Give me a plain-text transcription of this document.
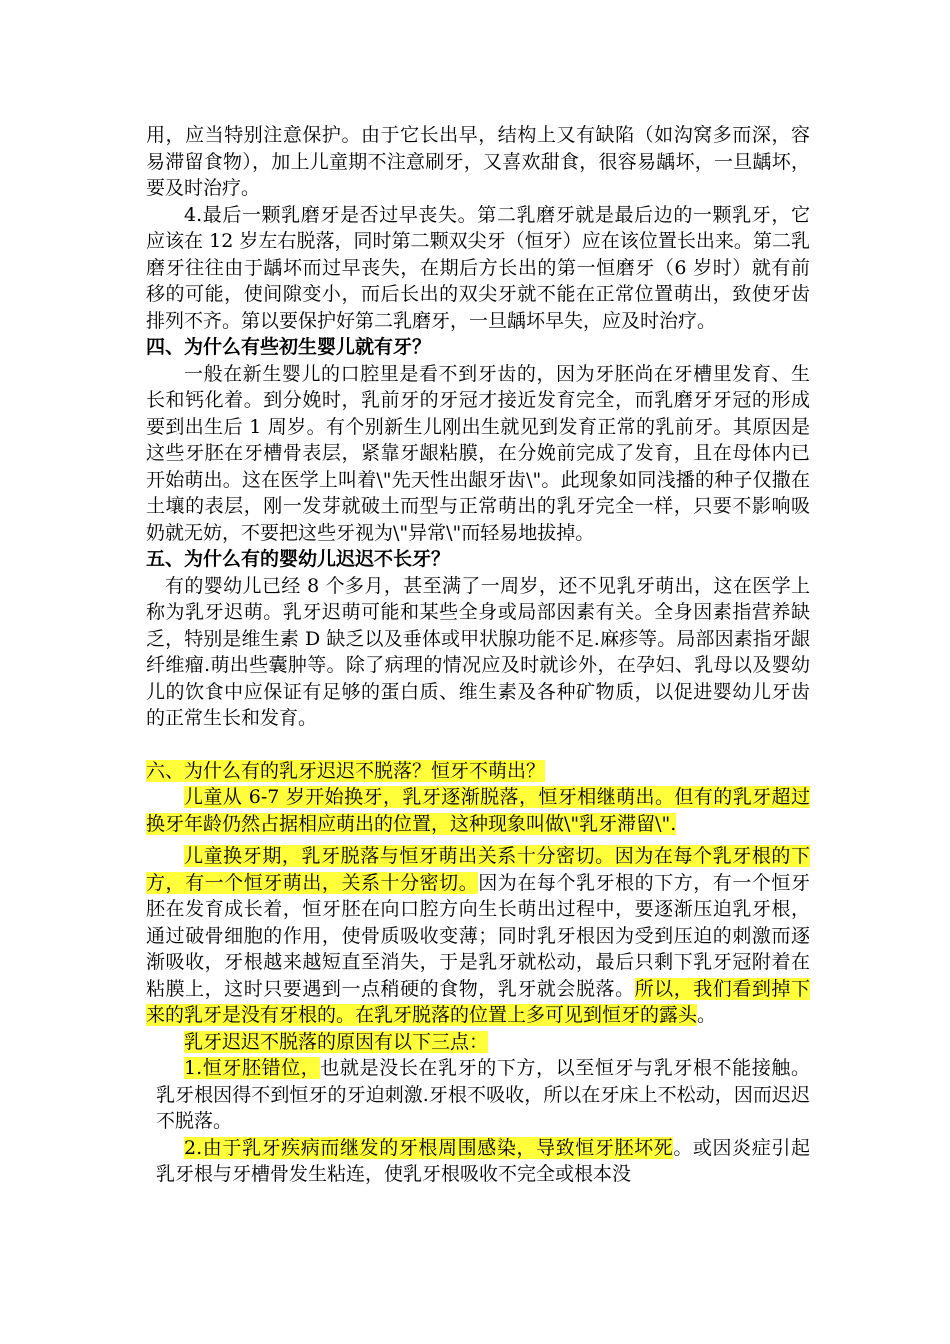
用，应当特别注意保护。由于它长出早，结构上又有缺陷（如沟窝多而深，容易滞留食物），加上儿童期不注意刷牙，又喜欢甜食，很容易龋坏，一旦龋坏，要及时治疗。

4.最后一颗乳磨牙是否过早丧失。第二乳磨牙就是最后边的一颗乳牙，它应该在 12 岁左右脱落，同时第二颗双尖牙（恒牙）应在该位置长出来。第二乳磨牙往往由于龋坏而过早丧失，在期后方长出的第一恒磨牙（6 岁时）就有前移的可能，使间隙变小，而后长出的双尖牙就不能在正常位置萌出，致使牙齿排列不齐。第以要保护好第二乳磨牙，一旦龋坏早失，应及时治疗。

四、为什么有些初生婴儿就有牙？

一般在新生婴儿的口腔里是看不到牙齿的，因为牙胚尚在牙槽里发育、生长和钙化着。到分娩时，乳前牙的牙冠才接近发育完全，而乳磨牙牙冠的形成要到出生后 1 周岁。有个别新生儿刚出生就见到发育正常的乳前牙。其原因是这些牙胚在牙槽骨表层，紧靠牙龈粘膜，在分娩前完成了发育，且在母体内已开始萌出。这在医学上叫着\"先天性出龈牙齿\"。此现象如同浅播的种子仅撒在土壤的表层，刚一发芽就破土而型与正常萌出的乳牙完全一样，只要不影响吸奶就无妨，不要把这些牙视为\"异常\"而轻易地拔掉。

五、为什么有的婴幼儿迟迟不长牙？

有的婴幼儿已经 8 个多月，甚至满了一周岁，还不见乳牙萌出，这在医学上称为乳牙迟萌。乳牙迟萌可能和某些全身或局部因素有关。全身因素指营养缺乏，特别是维生素 D 缺乏以及垂体或甲状腺功能不足.麻疹等。局部因素指牙龈纤维瘤.萌出些囊肿等。除了病理的情况应及时就诊外，在孕妇、乳母以及婴幼儿的饮食中应保证有足够的蛋白质、维生素及各种矿物质，以促进婴幼儿牙齿的正常生长和发育。

六、为什么有的乳牙迟迟不脱落？恒牙不萌出？

儿童从 6-7 岁开始换牙，乳牙逐渐脱落，恒牙相继萌出。但有的乳牙超过换牙年龄仍然占据相应萌出的位置，这种现象叫做\"乳牙滞留\".

儿童换牙期，乳牙脱落与恒牙萌出关系十分密切。因为在每个乳牙根的下方，有一个恒牙萌出，关系十分密切。因为在每个乳牙根的下方，有一个恒牙胚在发育成长着，恒牙胚在向口腔方向生长萌出过程中，要逐渐压迫乳牙根，通过破骨细胞的作用，使骨质吸收变薄；同时乳牙根因为受到压迫的刺激而逐渐吸收，牙根越来越短直至消失，于是乳牙就松动，最后只剩下乳牙冠附着在粘膜上，这时只要遇到一点稍硬的食物，乳牙就会脱落。所以，我们看到掉下来的乳牙是没有牙根的。在乳牙脱落的位置上多可见到恒牙的露头。

乳牙迟迟不脱落的原因有以下三点：

1.恒牙胚错位，也就是没长在乳牙的下方，以至恒牙与乳牙根不能接触。乳牙根因得不到恒牙的牙迫刺激.牙根不吸收，所以在牙床上不松动，因而迟迟不脱落。

2.由于乳牙疾病而继发的牙根周围感染，导致恒牙胚坏死。或因炎症引起乳牙根与牙槽骨发生粘连，使乳牙根吸收不完全或根本没
